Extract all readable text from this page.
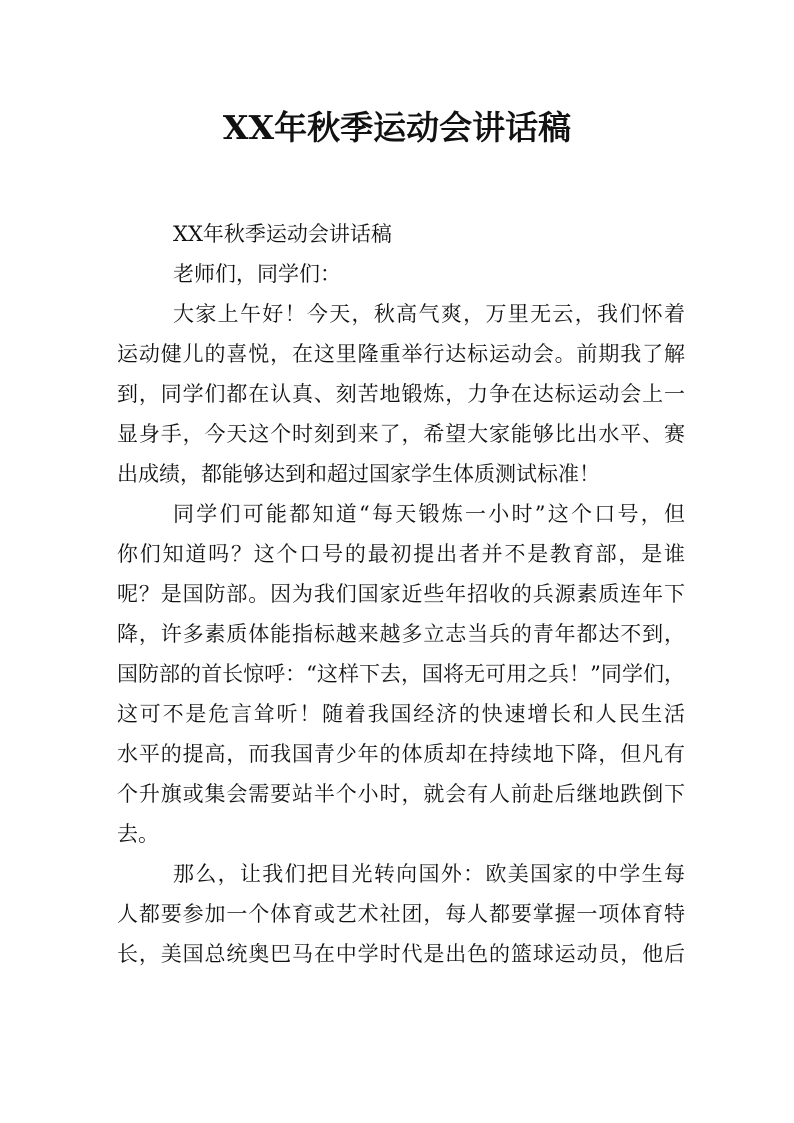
XX年秋季运动会讲话稿
XX年秋季运动会讲话稿
老师们，同学们：
大家上午好！今天，秋高气爽，万里无云，我们怀着
运动健儿的喜悦，在这里隆重举行达标运动会。前期我了解
到，同学们都在认真、刻苦地锻炼，力争在达标运动会上一
显身手，今天这个时刻到来了，希望大家能够比出水平、赛
出成绩，都能够达到和超过国家学生体质测试标准！
同学们可能都知道“每天锻炼一小时”这个口号，但
你们知道吗？这个口号的最初提出者并不是教育部，是谁
呢？是国防部。因为我们国家近些年招收的兵源素质连年下
降，许多素质体能指标越来越多立志当兵的青年都达不到，
国防部的首长惊呼：“这样下去，国将无可用之兵！”同学们，
这可不是危言耸听！随着我国经济的快速增长和人民生活
水平的提高，而我国青少年的体质却在持续地下降，但凡有
个升旗或集会需要站半个小时，就会有人前赴后继地跌倒下
去。
那么，让我们把目光转向国外：欧美国家的中学生每
人都要参加一个体育或艺术社团，每人都要掌握一项体育特
长，美国总统奥巴马在中学时代是出色的篮球运动员，他后
